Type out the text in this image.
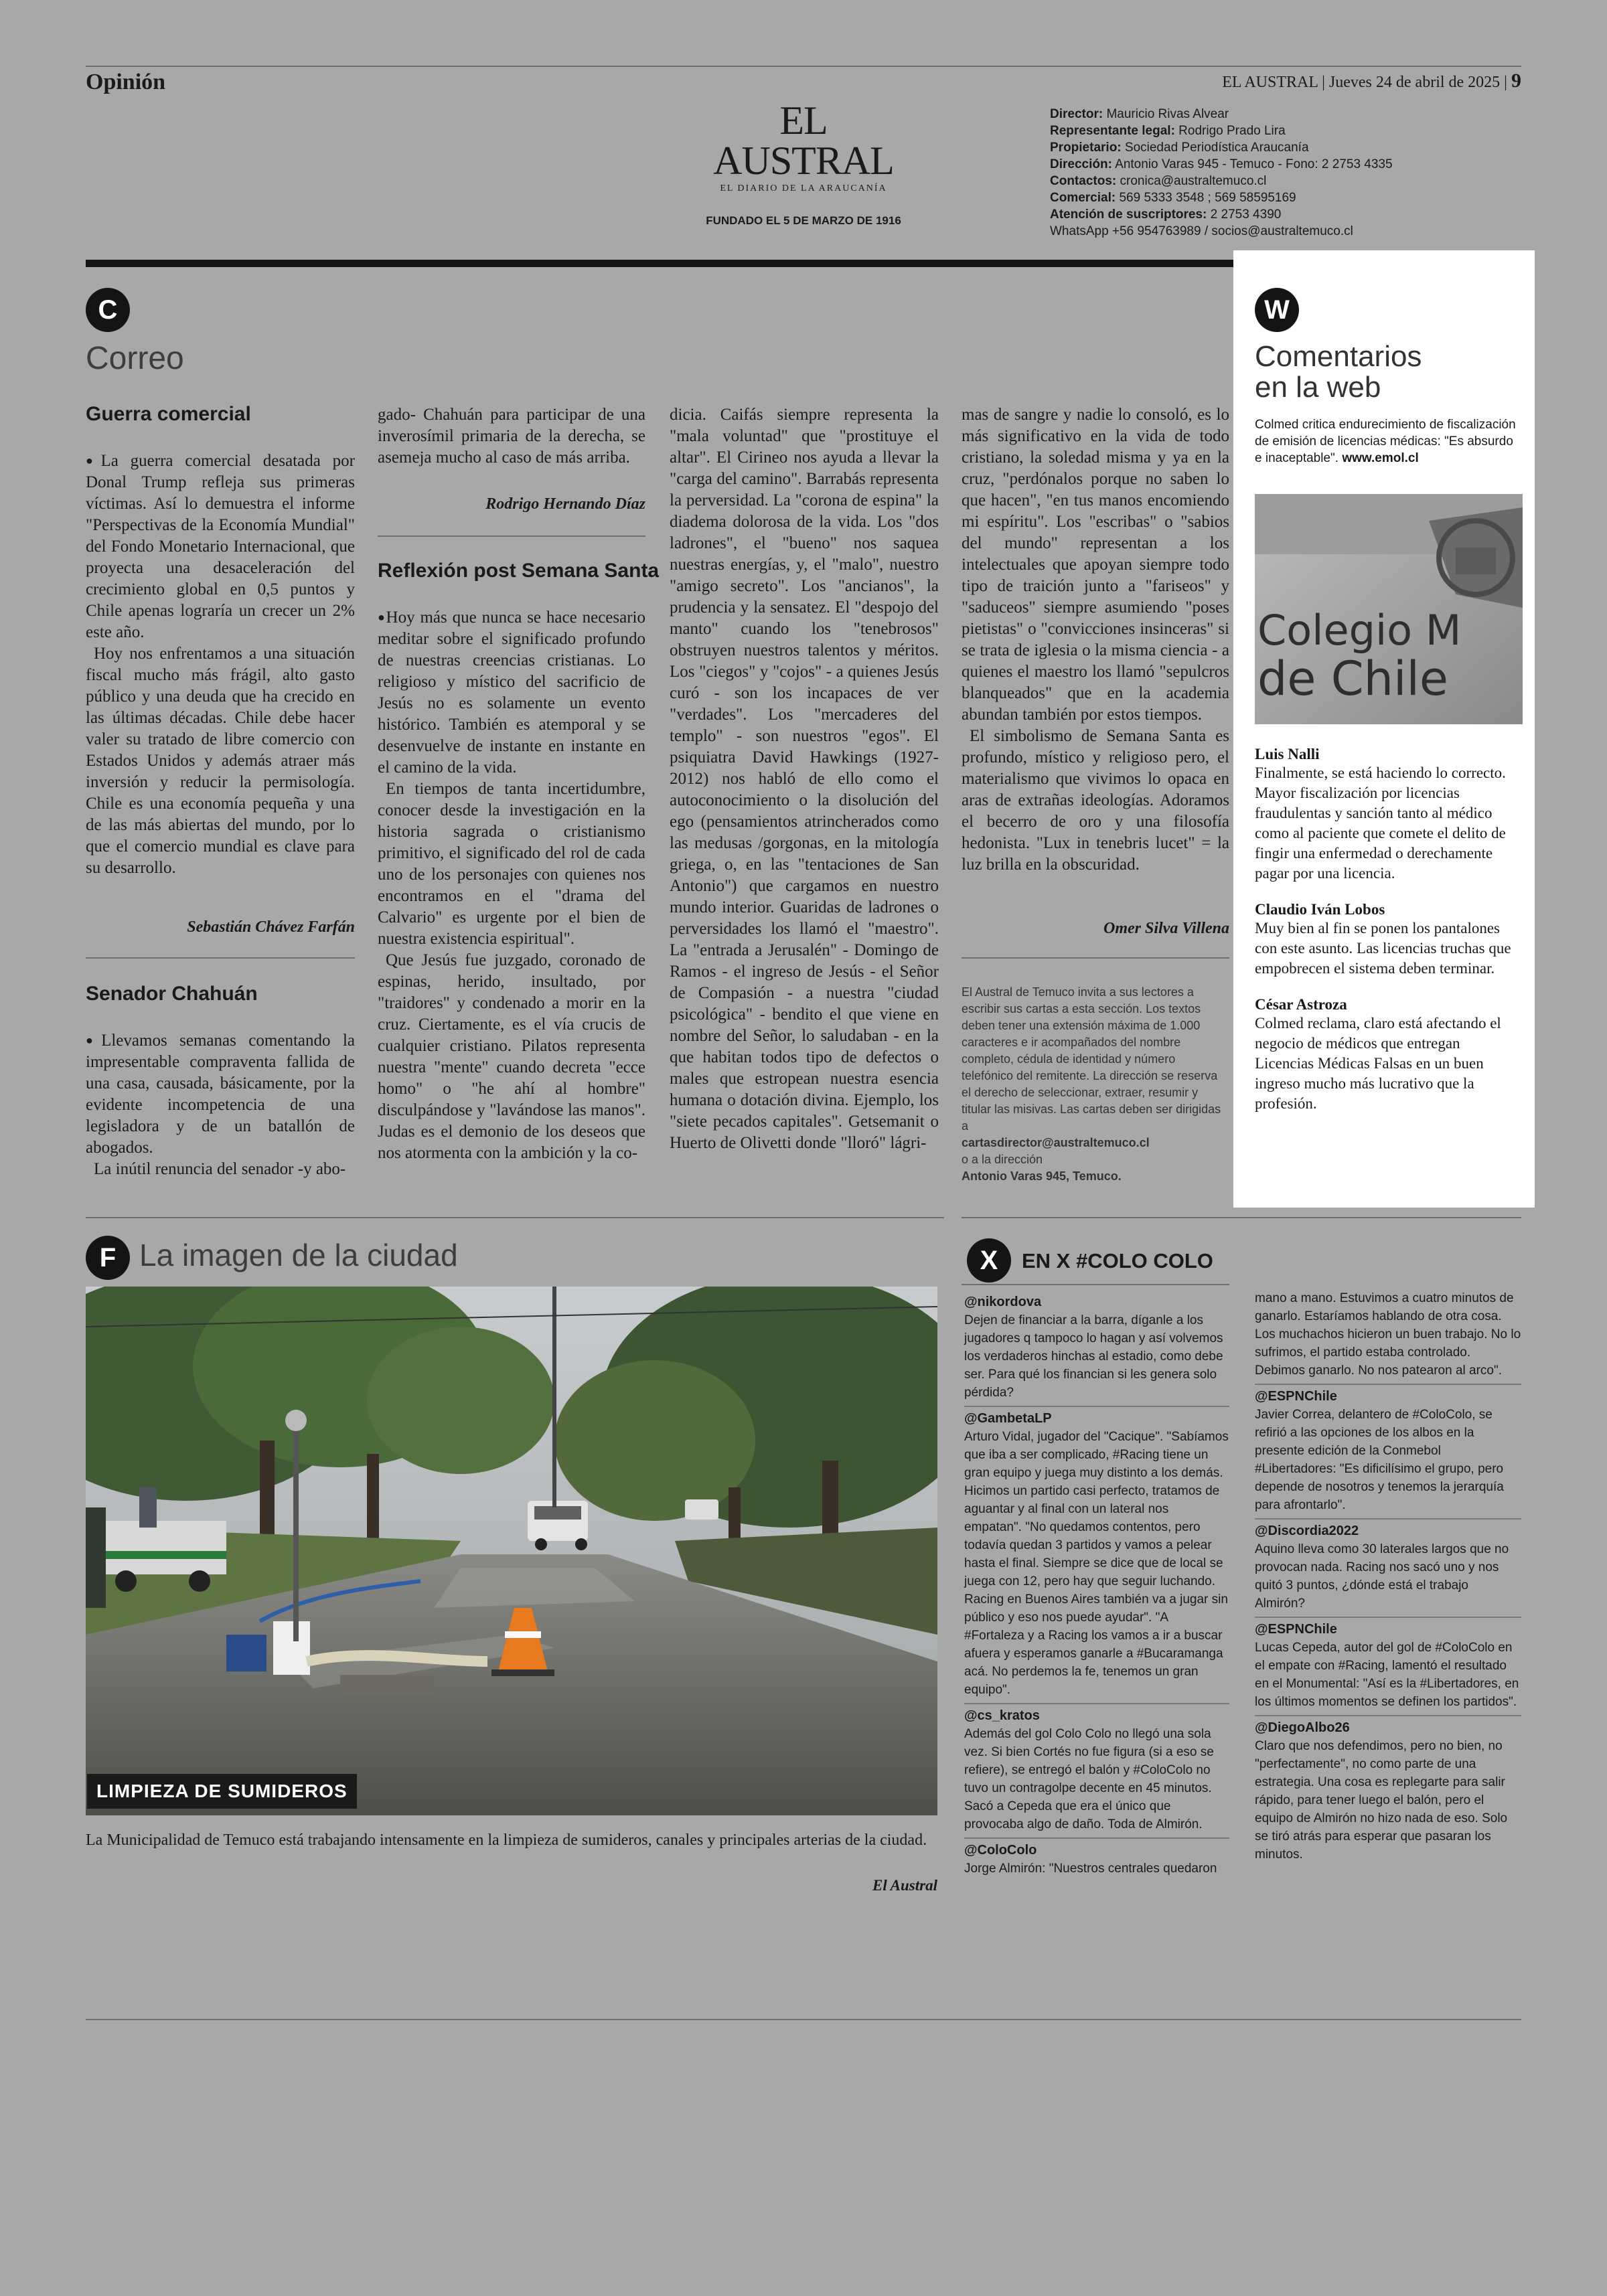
Opinión	EL AUSTRAL | Jueves 24 de abril de 2025 | 9
EL AUSTRAL
EL DIARIO DE LA ARAUCANÍA
FUNDADO EL 5 DE MARZO DE 1916
Director: Mauricio Rivas Alvear
Representante legal: Rodrigo Prado Lira
Propietario: Sociedad Periodística Araucanía
Dirección: Antonio Varas 945 - Temuco - Fono: 2 2753 4335
Contactos: cronica@australtemuco.cl
Comercial: 569 5333 3548 ; 569 58595169
Atención de suscriptores: 2 2753 4390
WhatsApp +56 954763989 / socios@australtemuco.cl
C
Correo
Guerra comercial

● La guerra comercial desatada por Donal Trump refleja sus primeras víctimas. Así lo demuestra el informe "Perspectivas de la Economía Mundial" del Fondo Monetario Internacional, que proyecta una desaceleración del crecimiento global en 0,5 puntos y Chile apenas lograría un crecer un 2% este año.

Hoy nos enfrentamos a una situación fiscal mucho más frágil, alto gasto público y una deuda que ha crecido en las últimas décadas. Chile debe hacer valer su tratado de libre comercio con Estados Unidos y además atraer más inversión y reducir la permisología. Chile es una economía pequeña y una de las más abiertas del mundo, por lo que el comercio mundial es clave para su desarrollo.

Sebastián Chávez Farfán
Senador Chahuán

● Llevamos semanas comentando la impresentable compraventa fallida de una casa, causada, básicamente, por la evidente incompetencia de una legisladora y de un batallón de abogados.

La inútil renuncia del senador -y abo-

gado- Chahuán para participar de una inverosímil primaria de la derecha, se asemeja mucho al caso de más arriba.

Rodrigo Hernando Díaz
Reflexión post Semana Santa

● Hoy más que nunca se hace necesario meditar sobre el significado profundo de nuestras creencias cristianas. Lo religioso y místico del sacrificio de Jesús no es solamente un evento histórico. También es atemporal y se desenvuelve de instante en instante en el camino de la vida.

En tiempos de tanta incertidumbre, conocer desde la investigación en la historia sagrada o cristianismo primitivo, el significado del rol de cada uno de los personajes con quienes nos encontramos en el "drama del Calvario" es urgente por el bien de nuestra existencia espiritual".

Que Jesús fue juzgado, coronado de espinas, herido, insultado, por "traidores" y condenado a morir en la cruz. Ciertamente, es el vía crucis de cualquier cristiano. Pilatos representa nuestra "mente" cuando decreta "ecce homo" o "he ahí al hombre" disculpándose y "lavándose las manos". Judas es el demonio de los deseos que nos atormenta con la ambición y la co-

dicia. Caifás siempre representa la "mala voluntad" que "prostituye el altar". El Cirineo nos ayuda a llevar la "carga del camino". Barrabás representa la perversidad. La "corona de espina" la diadema dolorosa de la vida. Los "dos ladrones", el "bueno" nos saquea nuestras energías, y, el "malo", nuestro "amigo secreto". Los "ancianos", la prudencia y la sensatez. El "despojo del manto" cuando los "tenebrosos" obstruyen nuestros talentos y méritos. Los "ciegos" y "cojos" - a quienes Jesús curó - son los incapaces de ver "verdades". Los "mercaderes del templo" - son nuestros "egos". El psiquiatra David Hawkings (1927-2012) nos habló de ello como el autoconocimiento o la disolución del ego (pensamientos atrincherados como las medusas /gorgonas, en la mitología griega, o, en las "tentaciones de San Antonio") que cargamos en nuestro mundo interior. Guaridas de ladrones o perversidades los llamó el "maestro". La "entrada a Jerusalén" - Domingo de Ramos - el ingreso de Jesús - el Señor de Compasión - a nuestra "ciudad psicológica" - bendito el que viene en nombre del Señor, lo saludaban - en la que habitan todos tipo de defectos o males que estropean nuestra esencia humana o dotación divina. Ejemplo, los "siete pecados capitales". Getsemanit o Huerto de Olivetti donde "lloró" lágri-

mas de sangre y nadie lo consoló, es lo más significativo en la vida de todo cristiano, la soledad misma y ya en la cruz, "perdónalos porque no saben lo que hacen", "en tus manos encomiendo mi espíritu". Los "escribas" o "sabios del mundo" representan a los intelectuales que apoyan siempre todo tipo de traición junto a "fariseos" y "saduceos" siempre asumiendo "poses pietistas" o "convicciones insinceras" si se trata de iglesia o la misma ciencia - a quienes el maestro los llamó "sepulcros blanqueados" que en la academia abundan también por estos tiempos.

El simbolismo de Semana Santa es profundo, místico y religioso pero, el materialismo que vivimos lo opaca en aras de extrañas ideologías. Adoramos el becerro de oro y una filosofía hedonista. "Lux in tenebris lucet" = la luz brilla en la obscuridad.

Omer Silva Villena
El Austral de Temuco invita a sus lectores a escribir sus cartas a esta sección. Los textos deben tener una extensión máxima de 1.000 caracteres e ir acompañados del nombre completo, cédula de identidad y número telefónico del remitente. La dirección se reserva el derecho de seleccionar, extraer, resumir y titular las misivas. Las cartas deben ser dirigidas a
cartasdirector@australtemuco.cl
o a la dirección
Antonio Varas 945, Temuco.
W
Comentarios
en la web
Colmed critica endurecimiento de fiscalización de emisión de licencias médicas: "Es absurdo e inaceptable". www.emol.cl
Colegio M
de Chile
Luis Nalli
Finalmente, se está haciendo lo correcto. Mayor fiscalización por licencias fraudulentas y sanción tanto al médico como al paciente que comete el delito de fingir una enfermedad o derechamente pagar por una licencia.
Claudio Iván Lobos
Muy bien al fin se ponen los pantalones con este asunto. Las licencias truchas que empobrecen el sistema deben terminar.
César Astroza
Colmed reclama, claro está afectando el negocio de médicos que entregan Licencias Médicas Falsas en un buen ingreso mucho más lucrativo que la profesión.
F La imagen de la ciudad
LIMPIEZA DE SUMIDEROS
La Municipalidad de Temuco está trabajando intensamente en la limpieza de sumideros, canales y principales arterias de la ciudad.
El Austral
X	EN X #COLO COLO
@nikordova
Dejen de financiar a la barra, díganle a los jugadores q tampoco lo hagan y así volvemos los verdaderos hinchas al estadio, como debe ser. Para qué los financian si les genera solo pérdida?
@GambetaLP
Arturo Vidal, jugador del "Cacique". "Sabíamos que iba a ser complicado, #Racing tiene un gran equipo y juega muy distinto a los demás. Hicimos un partido casi perfecto, tratamos de aguantar y al final con un lateral nos empatan". "No quedamos contentos, pero todavía quedan 3 partidos y vamos a pelear hasta el final. Siempre se dice que de local se juega con 12, pero hay que seguir luchando. Racing en Buenos Aires también va a jugar sin público y eso nos puede ayudar". "A #Fortaleza y a Racing los vamos a ir a buscar afuera y esperamos ganarle a #Bucaramanga acá. No perdemos la fe, tenemos un gran equipo".
@cs_kratos
Además del gol Colo Colo no llegó una sola vez. Si bien Cortés no fue figura (si a eso se refiere), se entregó el balón y #ColoColo no tuvo un contragolpe decente en 45 minutos. Sacó a Cepeda que era el único que provocaba algo de daño. Toda de Almirón.
@ColoColo
Jorge Almirón: "Nuestros centrales quedaron
mano a mano. Estuvimos a cuatro minutos de ganarlo. Estaríamos hablando de otra cosa. Los muchachos hicieron un buen trabajo. No lo sufrimos, el partido estaba controlado. Debimos ganarlo. No nos patearon al arco".
@ESPNChile
Javier Correa, delantero de #ColoColo, se refirió a las opciones de los albos en la presente edición de la Conmebol #Libertadores: "Es dificilísimo el grupo, pero depende de nosotros y tenemos la jerarquía para afrontarlo".
@Discordia2022
Aquino lleva como 30 laterales largos que no provocan nada. Racing nos sacó uno y nos quitó 3 puntos, ¿dónde está el trabajo Almirón?
@ESPNChile
Lucas Cepeda, autor del gol de #ColoColo en el empate con #Racing, lamentó el resultado en el Monumental: "Así es la #Libertadores, en los últimos momentos se definen los partidos".
@DiegoAlbo26
Claro que nos defendimos, pero no bien, no "perfectamente", no como parte de una estrategia. Una cosa es replegarte para salir rápido, para tener luego el balón, pero el equipo de Almirón no hizo nada de eso. Solo se tiró atrás para esperar que pasaran los minutos.
